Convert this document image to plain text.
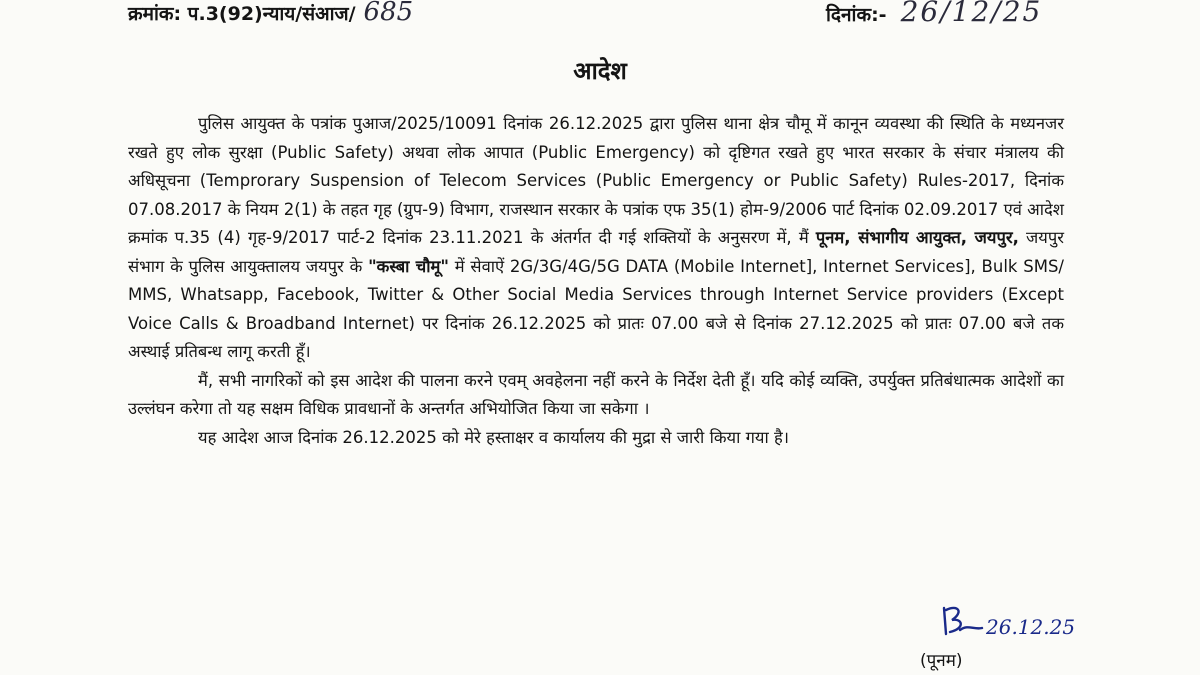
क्रमांक: प.3(92)न्याय/संआज/ 685	दिनांक:- 26/12/25
आदेश

पुलिस आयुक्त के पत्रांक पुआज/2025/10091 दिनांक 26.12.2025 द्वारा पुलिस थाना क्षेत्र चौमू में कानून व्यवस्था की स्थिति के मध्यनजर रखते हुए लोक सुरक्षा (Public Safety) अथवा लोक आपात (Public Emergency) को दृष्टिगत रखते हुए भारत सरकार के संचार मंत्रालय की अधिसूचना (Temprorary Suspension of Telecom Services (Public Emergency or Public Safety) Rules-2017, दिनांक 07.08.2017 के नियम 2(1) के तहत गृह (ग्रुप-9) विभाग, राजस्थान सरकार के पत्रांक एफ 35(1) होम-9/2006 पार्ट दिनांक 02.09.2017 एवं आदेश क्रमांक प.35 (4) गृह-9/2017 पार्ट-2 दिनांक 23.11.2021 के अंतर्गत दी गई शक्तियों के अनुसरण में, मैं पूनम, संभागीय आयुक्त, जयपुर, जयपुर संभाग के पुलिस आयुक्तालय जयपुर के "कस्बा चौमू" में सेवाऐं 2G/3G/4G/5G DATA (Mobile Internet], Internet Services], Bulk SMS/ MMS, Whatsapp, Facebook, Twitter & Other Social Media Services through Internet Service providers (Except Voice Calls & Broadband Internet) पर दिनांक 26.12.2025 को प्रातः 07.00 बजे से दिनांक 27.12.2025 को प्रातः 07.00 बजे तक अस्थाई प्रतिबन्ध लागू करती हूँ।

मैं, सभी नागरिकों को इस आदेश की पालना करने एवम् अवहेलना नहीं करने के निर्देश देती हूँ। यदि कोई व्यक्ति, उपर्युक्त प्रतिबंधात्मक आदेशों का उल्लंघन करेगा तो यह सक्षम विधिक प्रावधानों के अन्तर्गत अभियोजित किया जा सकेगा ।

यह आदेश आज दिनांक 26.12.2025 को मेरे हस्ताक्षर व कार्यालय की मुद्रा से जारी किया गया है।

26.12.25
(पूनम)
